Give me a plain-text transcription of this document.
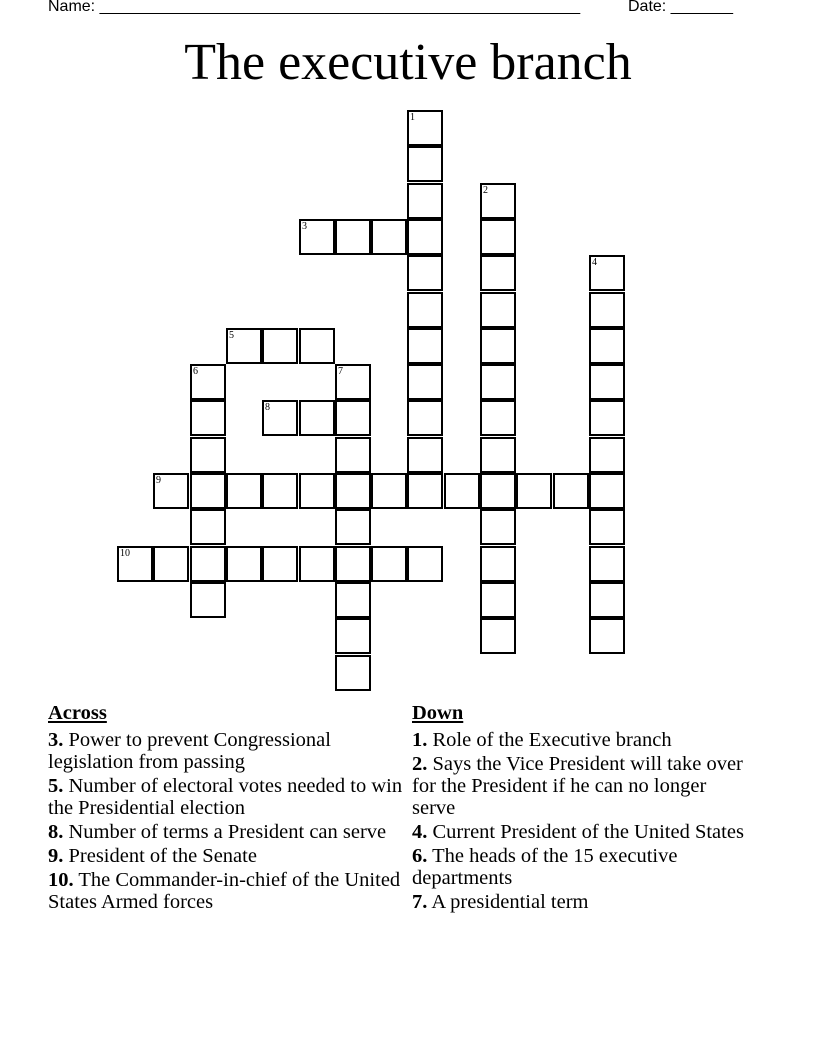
Name: ______________________________________________________	Date: _______
The executive branch
1
2
3
4
5
6	7
8
9
10
Across
3. Power to prevent Congressional legislation from passing
5. Number of electoral votes needed to win the Presidential election
8. Number of terms a President can serve
9. President of the Senate
10. The Commander-in-chief of the United States Armed forces
Down
1. Role of the Executive branch
2. Says the Vice President will take over for the President if he can no longer serve
4. Current President of the United States
6. The heads of the 15 executive departments
7. A presidential term
